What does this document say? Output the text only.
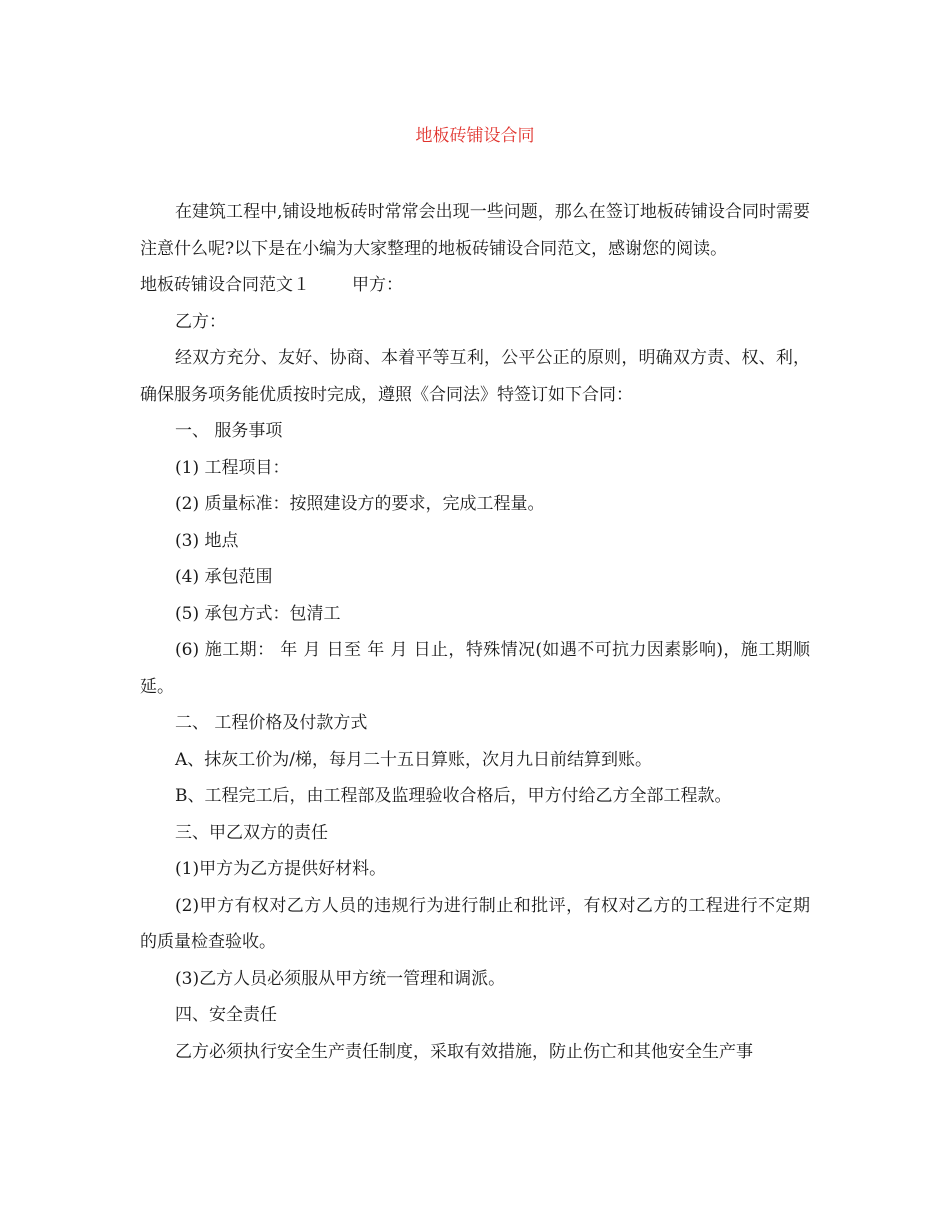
地板砖铺设合同

在建筑工程中,铺设地板砖时常常会出现一些问题，那么在签订地板砖铺设合同时需要注意什么呢?以下是在小编为大家整理的地板砖铺设合同范文，感谢您的阅读。

地板砖铺设合同范文１ 甲方：

乙方：

经双方充分、友好、协商、本着平等互利，公平公正的原则，明确双方责、权、利，确保服务项务能优质按时完成，遵照《合同法》特签订如下合同：

一、 服务事项

(1) 工程项目：

(2) 质量标准：按照建设方的要求，完成工程量。

(3) 地点

(4) 承包范围

(5) 承包方式：包清工

(6) 施工期： 年 月 日至 年 月 日止，特殊情况(如遇不可抗力因素影响)，施工期顺延。

二、 工程价格及付款方式

A、抹灰工价为/梯，每月二十五日算账，次月九日前结算到账。

B、工程完工后，由工程部及监理验收合格后，甲方付给乙方全部工程款。

三、甲乙双方的责任

(1)甲方为乙方提供好材料。

(2)甲方有权对乙方人员的违规行为进行制止和批评，有权对乙方的工程进行不定期的质量检查验收。

(3)乙方人员必须服从甲方统一管理和调派。

四、安全责任

乙方必须执行安全生产责任制度，采取有效措施，防止伤亡和其他安全生产事
